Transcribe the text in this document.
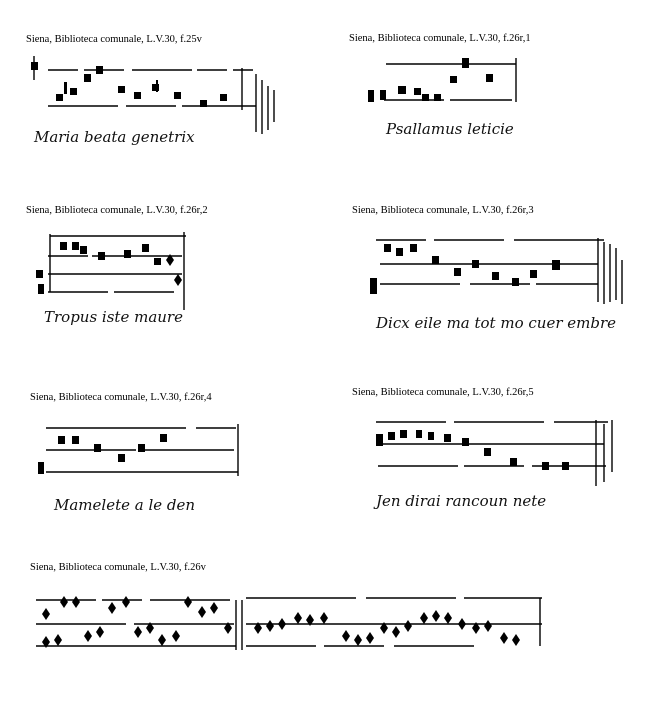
Siena, Biblioteca comunale, L.V.30, f.25v
Maria beata genetrix
Siena, Biblioteca comunale, L.V.30, f.26r,1
Psallamus leticie
Siena, Biblioteca comunale, L.V.30, f.26r,2
Tropus iste maure
Siena, Biblioteca comunale, L.V.30, f.26r,3
Dicx eile ma tot mo cuer embre
Siena, Biblioteca comunale, L.V.30, f.26r,4
Mamelete a le den
Siena, Biblioteca comunale, L.V.30, f.26r,5
Jen dirai rancoun nete
Siena, Biblioteca comunale, L.V.30, f.26v
